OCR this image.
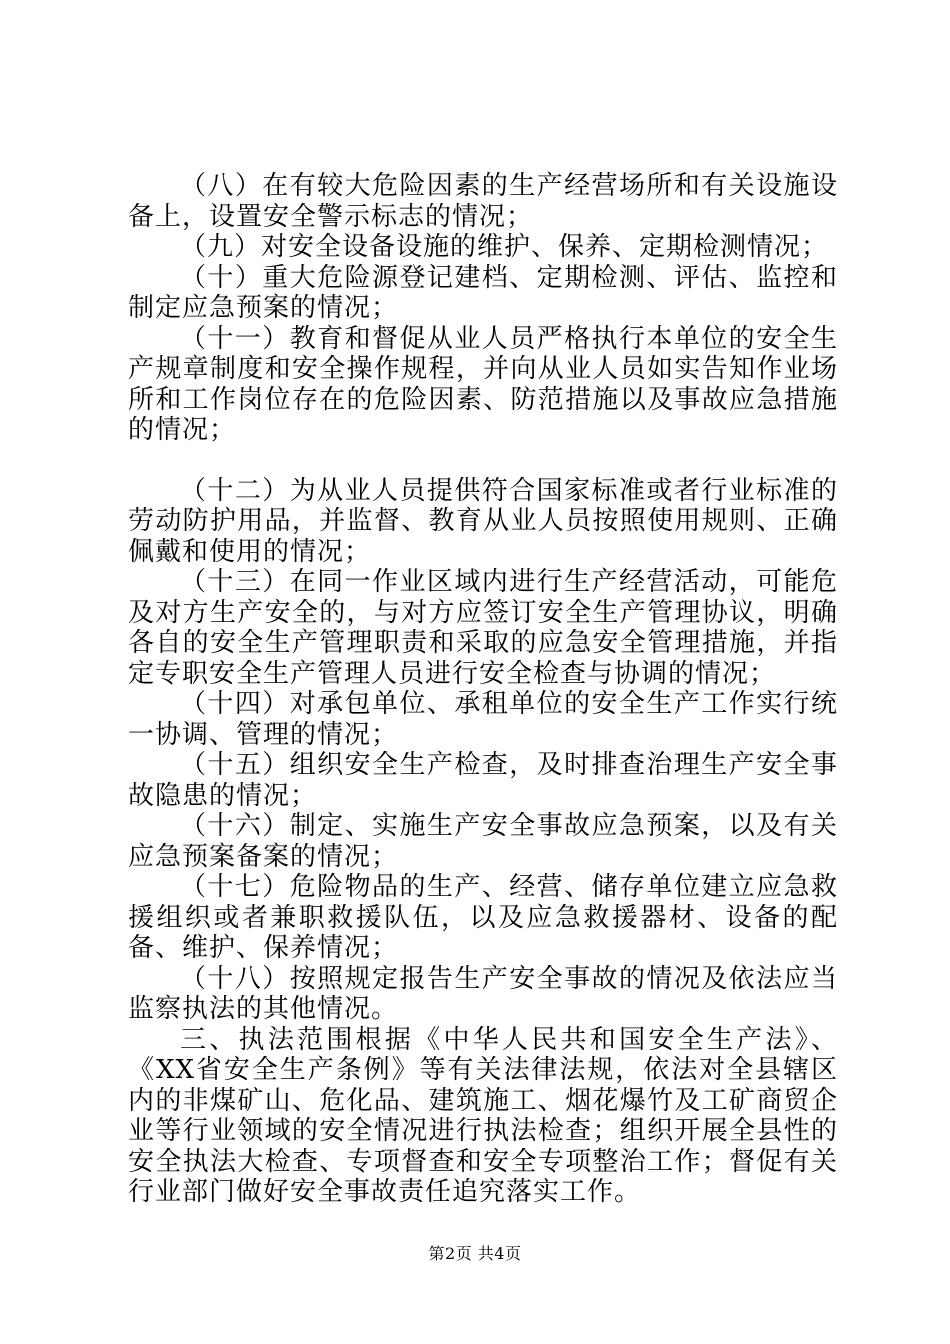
（八）在有较大危险因素的生产经营场所和有关设施设备上，设置安全警示标志的情况；

（九）对安全设备设施的维护、保养、定期检测情况；

（十）重大危险源登记建档、定期检测、评估、监控和制定应急预案的情况；

（十一）教育和督促从业人员严格执行本单位的安全生产规章制度和安全操作规程，并向从业人员如实告知作业场所和工作岗位存在的危险因素、防范措施以及事故应急措施的情况；

（十二）为从业人员提供符合国家标准或者行业标准的劳动防护用品，并监督、教育从业人员按照使用规则、正确佩戴和使用的情况；

（十三）在同一作业区域内进行生产经营活动，可能危及对方生产安全的，与对方应签订安全生产管理协议，明确各自的安全生产管理职责和采取的应急安全管理措施，并指定专职安全生产管理人员进行安全检查与协调的情况；

（十四）对承包单位、承租单位的安全生产工作实行统一协调、管理的情况；

（十五）组织安全生产检查，及时排查治理生产安全事故隐患的情况；

（十六）制定、实施生产安全事故应急预案，以及有关应急预案备案的情况；

（十七）危险物品的生产、经营、储存单位建立应急救援组织或者兼职救援队伍，以及应急救援器材、设备的配备、维护、保养情况；

（十八）按照规定报告生产安全事故的情况及依法应当监察执法的其他情况。

三、执法范围根据《中华人民共和国安全生产法》、《XX省安全生产条例》等有关法律法规，依法对全县辖区内的非煤矿山、危化品、建筑施工、烟花爆竹及工矿商贸企业等行业领域的安全情况进行执法检查；组织开展全县性的安全执法大检查、专项督查和安全专项整治工作；督促有关行业部门做好安全事故责任追究落实工作。

第2页 共4页
